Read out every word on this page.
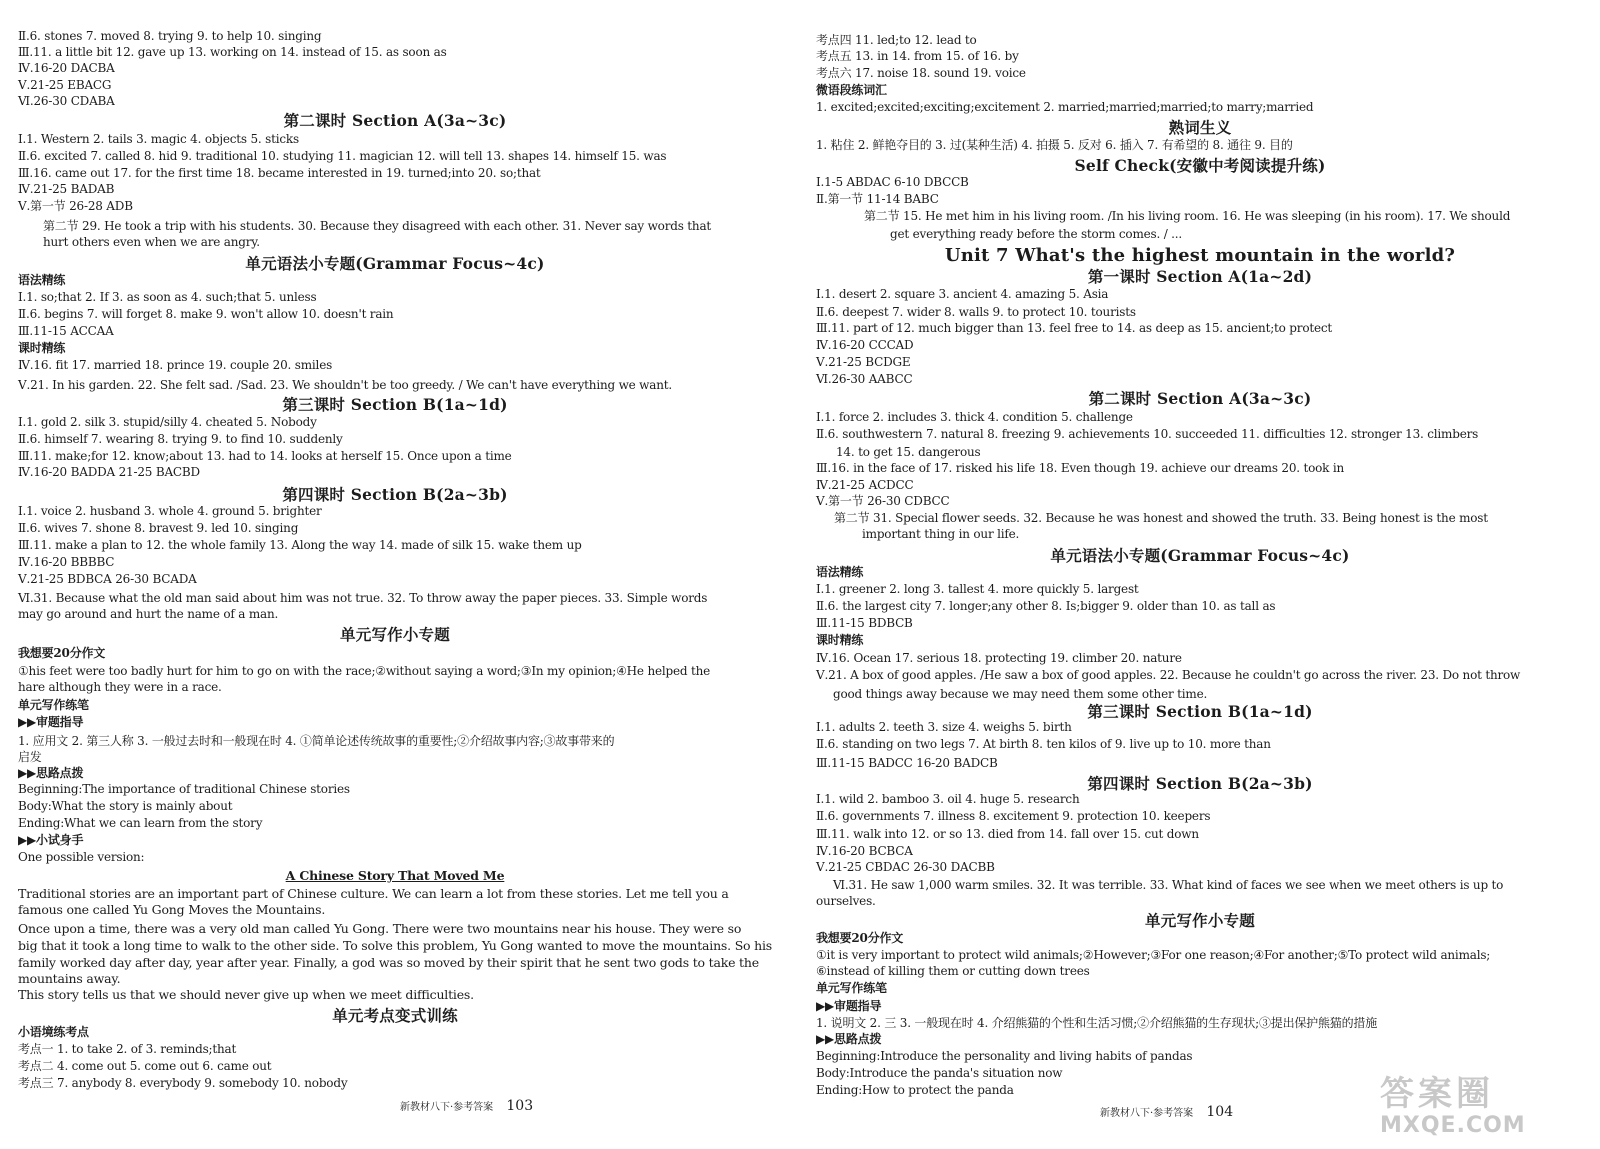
Ⅱ.6. stones 7. moved 8. trying 9. to help 10. singing
Ⅲ.11. a little bit 12. gave up 13. working on 14. instead of 15. as soon as
Ⅳ.16-20 DACBA
Ⅴ.21-25 EBACG
Ⅵ.26-30 CDABA
第二课时 Section A(3a~3c)
Ⅰ.1. Western 2. tails 3. magic 4. objects 5. sticks
Ⅱ.6. excited 7. called 8. hid 9. traditional 10. studying 11. magician 12. will tell 13. shapes 14. himself 15. was
Ⅲ.16. came out 17. for the first time 18. became interested in 19. turned;into 20. so;that
Ⅳ.21-25 BADAB
Ⅴ.第一节 26-28 ADB
第二节 29. He took a trip with his students. 30. Because they disagreed with each other. 31. Never say words that
hurt others even when we are angry.
单元语法小专题(Grammar Focus~4c)
语法精练
Ⅰ.1. so;that 2. If 3. as soon as 4. such;that 5. unless
Ⅱ.6. begins 7. will forget 8. make 9. won't allow 10. doesn't rain
Ⅲ.11-15 ACCAA
课时精练
Ⅳ.16. fit 17. married 18. prince 19. couple 20. smiles
Ⅴ.21. In his garden. 22. She felt sad. /Sad. 23. We shouldn't be too greedy. / We can't have everything we want.
第三课时 Section B(1a~1d)
Ⅰ.1. gold 2. silk 3. stupid/silly 4. cheated 5. Nobody
Ⅱ.6. himself 7. wearing 8. trying 9. to find 10. suddenly
Ⅲ.11. make;for 12. know;about 13. had to 14. looks at herself 15. Once upon a time
Ⅳ.16-20 BADDA 21-25 BACBD
第四课时 Section B(2a~3b)
Ⅰ.1. voice 2. husband 3. whole 4. ground 5. brighter
Ⅱ.6. wives 7. shone 8. bravest 9. led 10. singing
Ⅲ.11. make a plan to 12. the whole family 13. Along the way 14. made of silk 15. wake them up
Ⅳ.16-20 BBBBC
Ⅴ.21-25 BDBCA 26-30 BCADA
Ⅵ.31. Because what the old man said about him was not true. 32. To throw away the paper pieces. 33. Simple words
may go around and hurt the name of a man.
单元写作小专题
我想要20分作文
①his feet were too badly hurt for him to go on with the race;②without saying a word;③In my opinion;④He helped the
hare although they were in a race.
单元写作练笔
▶▶审题指导
1. 应用文 2. 第三人称 3. 一般过去时和一般现在时 4. ①简单论述传统故事的重要性;②介绍故事内容;③故事带来的
启发
▶▶思路点拨
Beginning:The importance of traditional Chinese stories
Body:What the story is mainly about
Ending:What we can learn from the story
▶▶小试身手
One possible version:
A Chinese Story That Moved Me
Traditional stories are an important part of Chinese culture. We can learn a lot from these stories. Let me tell you a
famous one called Yu Gong Moves the Mountains.
Once upon a time, there was a very old man called Yu Gong. There were two mountains near his house. They were so
big that it took a long time to walk to the other side. To solve this problem, Yu Gong wanted to move the mountains. So his
family worked day after day, year after year. Finally, a god was so moved by their spirit that he sent two gods to take the
mountains away.
This story tells us that we should never give up when we meet difficulties.
单元考点变式训练
小语境练考点
考点一 1. to take 2. of 3. reminds;that
考点二 4. come out 5. come out 6. came out
考点三 7. anybody 8. everybody 9. somebody 10. nobody
新教材八下·参考答案 103
考点四 11. led;to 12. lead to
考点五 13. in 14. from 15. of 16. by
考点六 17. noise 18. sound 19. voice
微语段练词汇
1. excited;excited;exciting;excitement 2. married;married;married;to marry;married
熟词生义
1. 粘住 2. 鲜艳夺目的 3. 过(某种生活) 4. 拍摄 5. 反对 6. 插入 7. 有希望的 8. 通往 9. 目的
Self Check(安徽中考阅读提升练)
Ⅰ.1-5 ABDAC 6-10 DBCCB
Ⅱ.第一节 11-14 BABC
第二节 15. He met him in his living room. /In his living room. 16. He was sleeping (in his room). 17. We should
get everything ready before the storm comes. / ...
Unit 7 What's the highest mountain in the world?
第一课时 Section A(1a~2d)
Ⅰ.1. desert 2. square 3. ancient 4. amazing 5. Asia
Ⅱ.6. deepest 7. wider 8. walls 9. to protect 10. tourists
Ⅲ.11. part of 12. much bigger than 13. feel free to 14. as deep as 15. ancient;to protect
Ⅳ.16-20 CCCAD
Ⅴ.21-25 BCDGE
Ⅵ.26-30 AABCC
第二课时 Section A(3a~3c)
Ⅰ.1. force 2. includes 3. thick 4. condition 5. challenge
Ⅱ.6. southwestern 7. natural 8. freezing 9. achievements 10. succeeded 11. difficulties 12. stronger 13. climbers
14. to get 15. dangerous
Ⅲ.16. in the face of 17. risked his life 18. Even though 19. achieve our dreams 20. took in
Ⅳ.21-25 ACDCC
Ⅴ.第一节 26-30 CDBCC
第二节 31. Special flower seeds. 32. Because he was honest and showed the truth. 33. Being honest is the most
important thing in our life.
单元语法小专题(Grammar Focus~4c)
语法精练
Ⅰ.1. greener 2. long 3. tallest 4. more quickly 5. largest
Ⅱ.6. the largest city 7. longer;any other 8. Is;bigger 9. older than 10. as tall as
Ⅲ.11-15 BDBCB
课时精练
Ⅳ.16. Ocean 17. serious 18. protecting 19. climber 20. nature
Ⅴ.21. A box of good apples. /He saw a box of good apples. 22. Because he couldn't go across the river. 23. Do not throw
good things away because we may need them some other time.
第三课时 Section B(1a~1d)
Ⅰ.1. adults 2. teeth 3. size 4. weighs 5. birth
Ⅱ.6. standing on two legs 7. At birth 8. ten kilos of 9. live up to 10. more than
Ⅲ.11-15 BADCC 16-20 BADCB
第四课时 Section B(2a~3b)
Ⅰ.1. wild 2. bamboo 3. oil 4. huge 5. research
Ⅱ.6. governments 7. illness 8. excitement 9. protection 10. keepers
Ⅲ.11. walk into 12. or so 13. died from 14. fall over 15. cut down
Ⅳ.16-20 BCBCA
Ⅴ.21-25 CBDAC 26-30 DACBB
Ⅵ.31. He saw 1,000 warm smiles. 32. It was terrible. 33. What kind of faces we see when we meet others is up to
ourselves.
单元写作小专题
我想要20分作文
①it is very important to protect wild animals;②However;③For one reason;④For another;⑤To protect wild animals;
⑥instead of killing them or cutting down trees
单元写作练笔
▶▶审题指导
1. 说明文 2. 三 3. 一般现在时 4. 介绍熊猫的个性和生活习惯;②介绍熊猫的生存现状;③提出保护熊猫的措施
▶▶思路点拨
Beginning:Introduce the personality and living habits of pandas
Body:Introduce the panda's situation now
Ending:How to protect the panda
新教材八下·参考答案 104	答案圈
MXQE.COM
